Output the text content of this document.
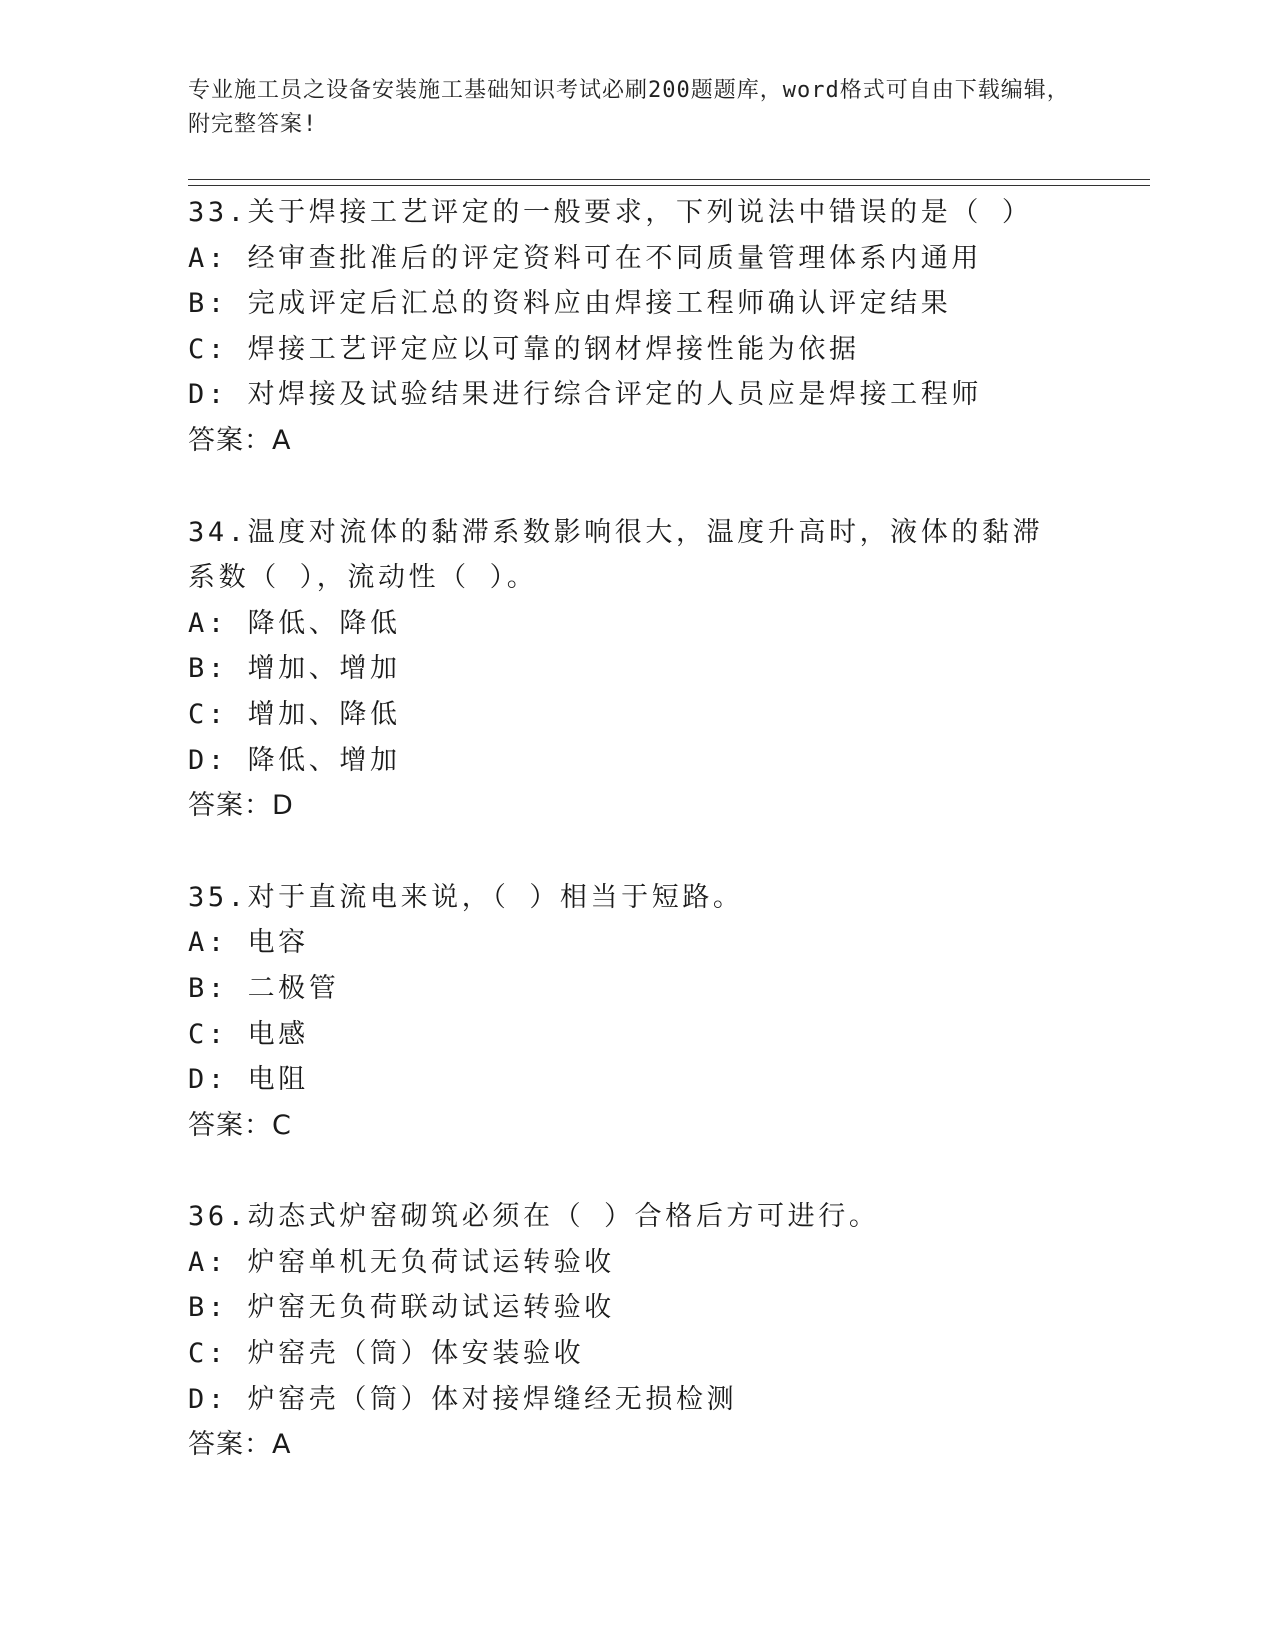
专业施工员之设备安装施工基础知识考试必刷200题题库，word格式可自由下载编辑，附完整答案!
33.关于焊接工艺评定的一般要求，下列说法中错误的是（ ）
A: 经审查批准后的评定资料可在不同质量管理体系内通用
B: 完成评定后汇总的资料应由焊接工程师确认评定结果
C: 焊接工艺评定应以可靠的钢材焊接性能为依据
D: 对焊接及试验结果进行综合评定的人员应是焊接工程师
答案：A
34.温度对流体的黏滞系数影响很大，温度升高时，液体的黏滞系数（ ），流动性（ ）。
A: 降低、降低
B: 增加、增加
C: 增加、降低
D: 降低、增加
答案：D
35.对于直流电来说，（ ）相当于短路。
A: 电容
B: 二极管
C: 电感
D: 电阻
答案：C
36.动态式炉窑砌筑必须在（ ）合格后方可进行。
A: 炉窑单机无负荷试运转验收
B: 炉窑无负荷联动试运转验收
C: 炉窑壳（筒）体安装验收
D: 炉窑壳（筒）体对接焊缝经无损检测
答案：A
